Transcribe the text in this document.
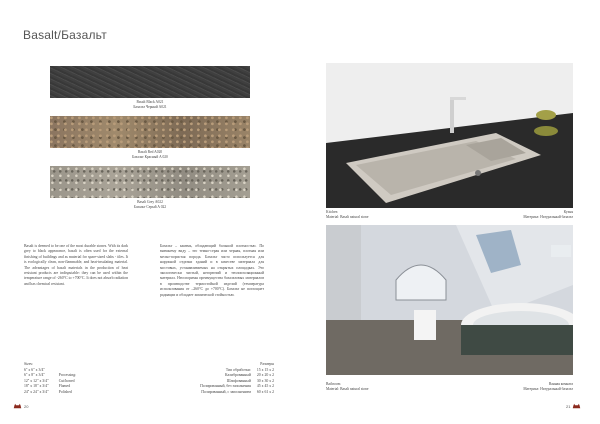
Basalt/Базальт
Basalt Black A021
Базальт Черный A021
Basalt Red A020
Базальт Красный A 020
Basalt Grey A022
Базальт Серый A 022
Basalt is deemed to be one of the most durable stones. With its dark grey to black appearance, basalt is often used for the external finishing of buildings and as material for spare-sized slabs - tiles. It is ecologically clean, non-flammable, and heat-insulating material. The advantages of basalt materials in the production of heat resistant products are indisputable: they can be used within the temperature range of -260°C to +700°C. It does not absorb radiation and has chemical resistant.
Базальт – камень, обладающий большой плотностью. По внешнему виду – это темно-серая или черная, плотная или мелко-пористая порода. Базальт часто используется для наружной отделки зданий и в качестве материала для мостовых, устанавливаемых на открытых площадках. Это экологически чистый, негорючий и теплоизоляционный материал. Неоспоримы преимущества базальтовых материалов в производстве термостойкой изделий (температура использования от –260°C до +700°C). Базальт не поглощает радиации и обладает химической стойкостью.
Sizes:
6" x 6" x 3/4"
6" x 8" x 3/4"
12" x 12" x 3/4"
18" x 18" x 3/4"
24" x 24" x 3/4"
Processing:
Cut/honed
Flamed
Polished
Размеры
Тип обработки:
Калиброванный
Шлифованный
Полированный, без заполнения
Полированный, с заполнением
15 x 15 x 2
20 x 20 x 2
30 x 30 x 2
45 x 45 x 2
60 x 61 x 2
20
Kitchen
Material: Basalt natural stone
Кухня
Материал: Натуральный базальт
Bathroom
Material: Basalt natural stone
Ванная комната
Материал: Натуральный базальт
21
